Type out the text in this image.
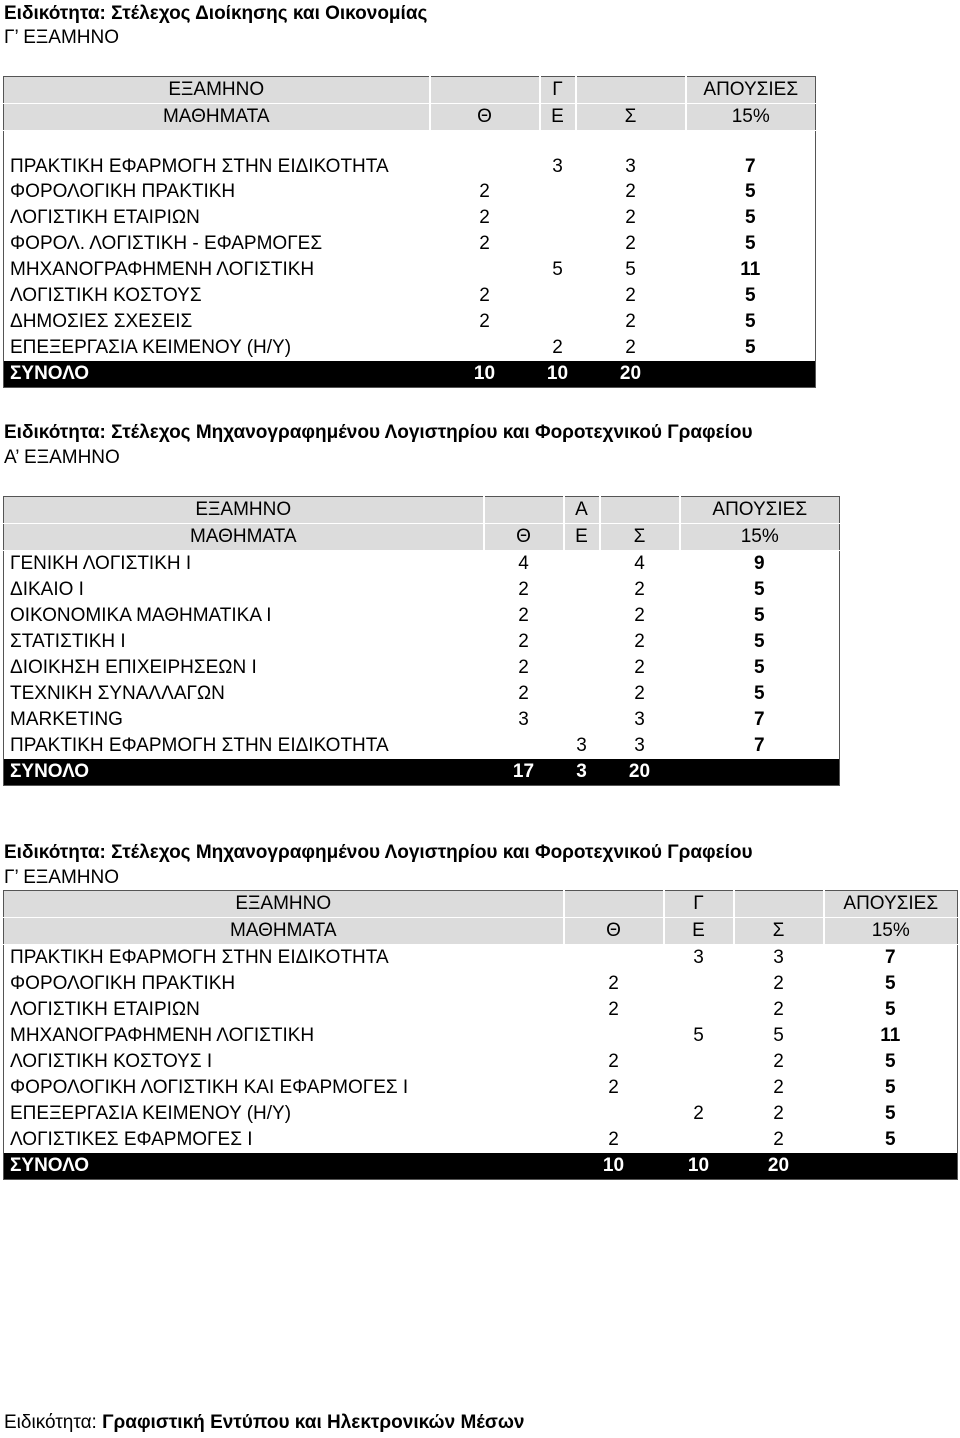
Ειδικότητα: Στέλεχος Διοίκησης και Οικονομίας
Γ’ ΕΞΑΜΗΝΟ
ΕΞΑΜΗΝΟ		Γ		ΑΠΟΥΣΙΕΣ
ΜΑΘΗΜΑΤΑ	Θ	Ε	Σ	15%
ΠΡΑΚΤΙΚΗ ΕΦΑΡΜΟΓΗ ΣΤΗΝ ΕΙΔΙΚΟΤΗΤΑ		3	3	7
ΦΟΡΟΛΟΓΙΚΗ ΠΡΑΚΤΙΚΗ	2		2	5
ΛΟΓΙΣΤΙΚΗ ΕΤΑΙΡΙΩΝ	2		2	5
ΦΟΡΟΛ. ΛΟΓΙΣΤΙΚΗ - ΕΦΑΡΜΟΓΕΣ	2		2	5
ΜΗΧΑΝΟΓΡΑΦΗΜΕΝΗ ΛΟΓΙΣΤΙΚΗ		5	5	11
ΛΟΓΙΣΤΙΚΗ ΚΟΣΤΟΥΣ	2		2	5
ΔΗΜΟΣΙΕΣ ΣΧΕΣΕΙΣ	2		2	5
ΕΠΕΞΕΡΓΑΣΙΑ ΚΕΙΜΕΝΟΥ (Η/Υ)		2	2	5
ΣΥΝΟΛΟ	10	10	20	
Ειδικότητα: Στέλεχος Μηχανογραφημένου Λογιστηρίου και Φοροτεχνικού Γραφείου
Α’ ΕΞΑΜΗΝΟ
ΕΞΑΜΗΝΟ		Α		ΑΠΟΥΣΙΕΣ
ΜΑΘΗΜΑΤΑ	Θ	Ε	Σ	15%
ΓΕΝΙΚΗ ΛΟΓΙΣΤΙΚΗ Ι	4		4	9
ΔΙΚΑΙΟ Ι	2		2	5
ΟΙΚΟΝΟΜΙΚΑ ΜΑΘΗΜΑΤΙΚΑ Ι	2		2	5
ΣΤΑΤΙΣΤΙΚΗ Ι	2		2	5
ΔΙΟΙΚΗΣΗ ΕΠΙΧΕΙΡΗΣΕΩΝ Ι	2		2	5
ΤΕΧΝΙΚΗ ΣΥΝΑΛΛΑΓΩΝ	2		2	5
MARKETING	3		3	7
ΠΡΑΚΤΙΚΗ ΕΦΑΡΜΟΓΗ ΣΤΗΝ ΕΙΔΙΚΟΤΗΤΑ		3	3	7
ΣΥΝΟΛΟ	17	3	20	
Ειδικότητα: Στέλεχος Μηχανογραφημένου Λογιστηρίου και Φοροτεχνικού Γραφείου
Γ’ ΕΞΑΜΗΝΟ
ΕΞΑΜΗΝΟ		Γ		ΑΠΟΥΣΙΕΣ
ΜΑΘΗΜΑΤΑ	Θ	Ε	Σ	15%
ΠΡΑΚΤΙΚΗ ΕΦΑΡΜΟΓΗ ΣΤΗΝ ΕΙΔΙΚΟΤΗΤΑ		3	3	7
ΦΟΡΟΛΟΓΙΚΗ ΠΡΑΚΤΙΚΗ	2		2	5
ΛΟΓΙΣΤΙΚΗ ΕΤΑΙΡΙΩΝ	2		2	5
ΜΗΧΑΝΟΓΡΑΦΗΜΕΝΗ ΛΟΓΙΣΤΙΚΗ		5	5	11
ΛΟΓΙΣΤΙΚΗ ΚΟΣΤΟΥΣ Ι	2		2	5
ΦΟΡΟΛΟΓΙΚΗ ΛΟΓΙΣΤΙΚΗ ΚΑΙ ΕΦΑΡΜΟΓΕΣ Ι	2		2	5
ΕΠΕΞΕΡΓΑΣΙΑ ΚΕΙΜΕΝΟΥ (Η/Υ)		2	2	5
ΛΟΓΙΣΤΙΚΕΣ ΕΦΑΡΜΟΓΕΣ Ι	2		2	5
ΣΥΝΟΛΟ	10	10	20	
Ειδικότητα: Γραφιστική Εντύπου και Ηλεκτρονικών Μέσων
